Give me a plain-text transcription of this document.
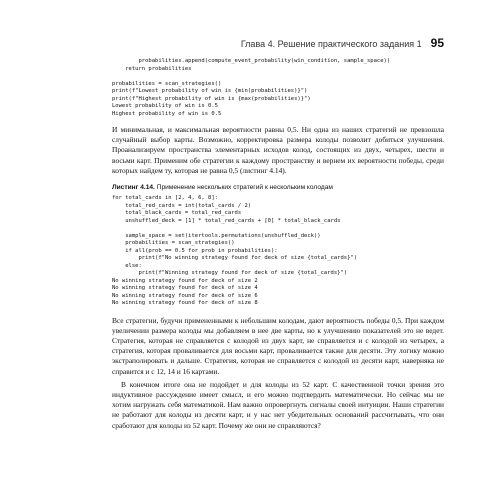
Глава 4. Решение практического задания 1 95
probabilities.append(compute_event_probability(win_condition, sample_space))
return probabilities

probabilities = scan_strategies()
print(f"Lowest probability of win is {min(probabilities)}")
print(f"Highest probability of win is {max(probabilities)}")
Lowest probability of win is 0.5
Highest probability of win is 0.5

И минимальная, и максимальная вероятности равны 0,5. Ни одна из наших стратегий не превзошла случайный выбор карты. Возможно, корректировка размера колоды позволит добиться улучшения. Проанализируем пространства элементарных исходов колод, состоящих из двух, четырех, шести и восьми карт. Применим обе стратегии к каждому пространству и вернем их вероятности победы, среди которых найдем ту, которая не равна 0,5 (листинг 4.14).

Листинг 4.14. Применение нескольких стратегий к нескольким колодам

for total_cards in [2, 4, 6, 8]:
total_red_cards = int(total_cards / 2)
total_black_cards = total_red_cards
unshuffled_deck = [1] * total_red_cards + [0] * total_black_cards

sample_space = set(itertools.permutations(unshuffled_deck))
probabilities = scan_strategies()
if all(prob == 0.5 for prob in probabilities):
print(f"No winning strategy found for deck of size {total_cards}")
else:
print(f"Winning strategy found for deck of size {total_cards}")
No winning strategy found for deck of size 2
No winning strategy found for deck of size 4
No winning strategy found for deck of size 6
No winning strategy found for deck of size 8

Все стратегии, будучи примененными к небольшим колодам, дают вероятность победы 0,5. При каждом увеличении размера колоды мы добавляем в нее две карты, но к улучшению показателей это не ведет. Стратегия, которая не справляется с колодой из двух карт, не справляется и с колодой из четырех, а стратегия, которая проваливается для восьми карт, проваливается также для десяти. Эту логику можно экстраполировать и дальше. Стратегия, которая не справляется с колодой из десяти карт, наверняка не справится и с 12, 14 и 16 картами.

В конечном итоге она не подойдет и для колоды из 52 карт. С качественной точки зрения это индуктивное рассуждение имеет смысл, и его можно подтвердить математически. Но сейчас мы не хотим нагружать себя математикой. Нам важно опровергнуть сигналы своей интуиции. Наши стратегии не работают для колоды из десяти карт, и у нас нет убедительных оснований рассчитывать, что они сработают для колоды из 52 карт. Почему же они не справляются?
